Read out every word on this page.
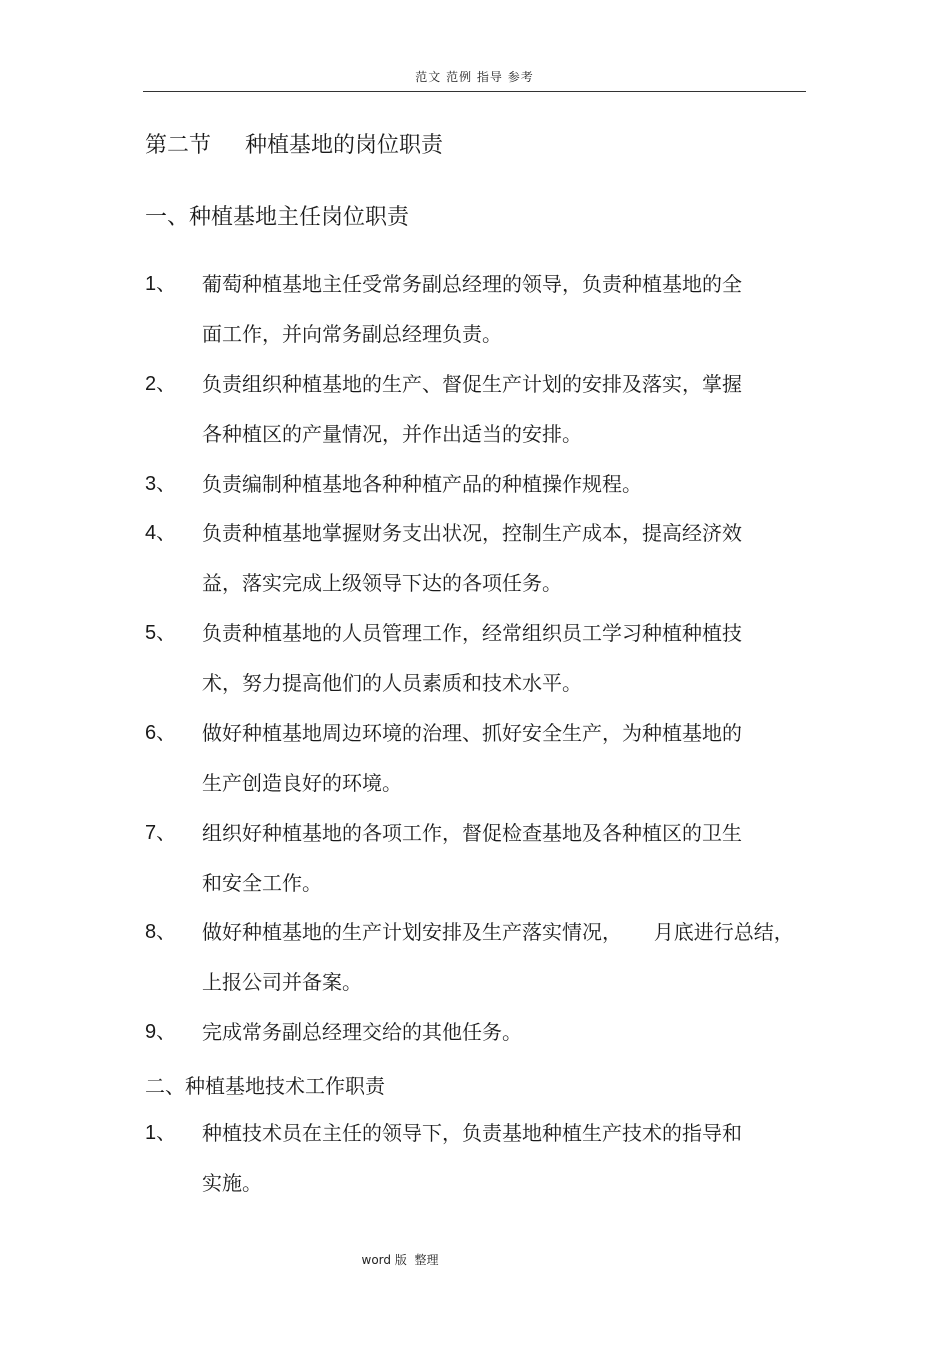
范文 范例 指导 参考
第二节 种植基地的岗位职责
一、种植基地主任岗位职责
1、 葡萄种植基地主任受常务副总经理的领导，负责种植基地的全
面工作，并向常务副总经理负责。
2、 负责组织种植基地的生产、督促生产计划的安排及落实，掌握
各种植区的产量情况，并作出适当的安排。
3、 负责编制种植基地各种种植产品的种植操作规程。
4、 负责种植基地掌握财务支出状况，控制生产成本，提高经济效
益，落实完成上级领导下达的各项任务。
5、 负责种植基地的人员管理工作，经常组织员工学习种植种植技
术，努力提高他们的人员素质和技术水平。
6、 做好种植基地周边环境的治理、抓好安全生产，为种植基地的
生产创造良好的环境。
7、 组织好种植基地的各项工作，督促检查基地及各种植区的卫生
和安全工作。
8、 做好种植基地的生产计划安排及生产落实情况，     月底进行总结，
上报公司并备案。
9、 完成常务副总经理交给的其他任务。
二、种植基地技术工作职责
1、 种植技术员在主任的领导下，负责基地种植生产技术的指导和
实施。
word 版  整理
